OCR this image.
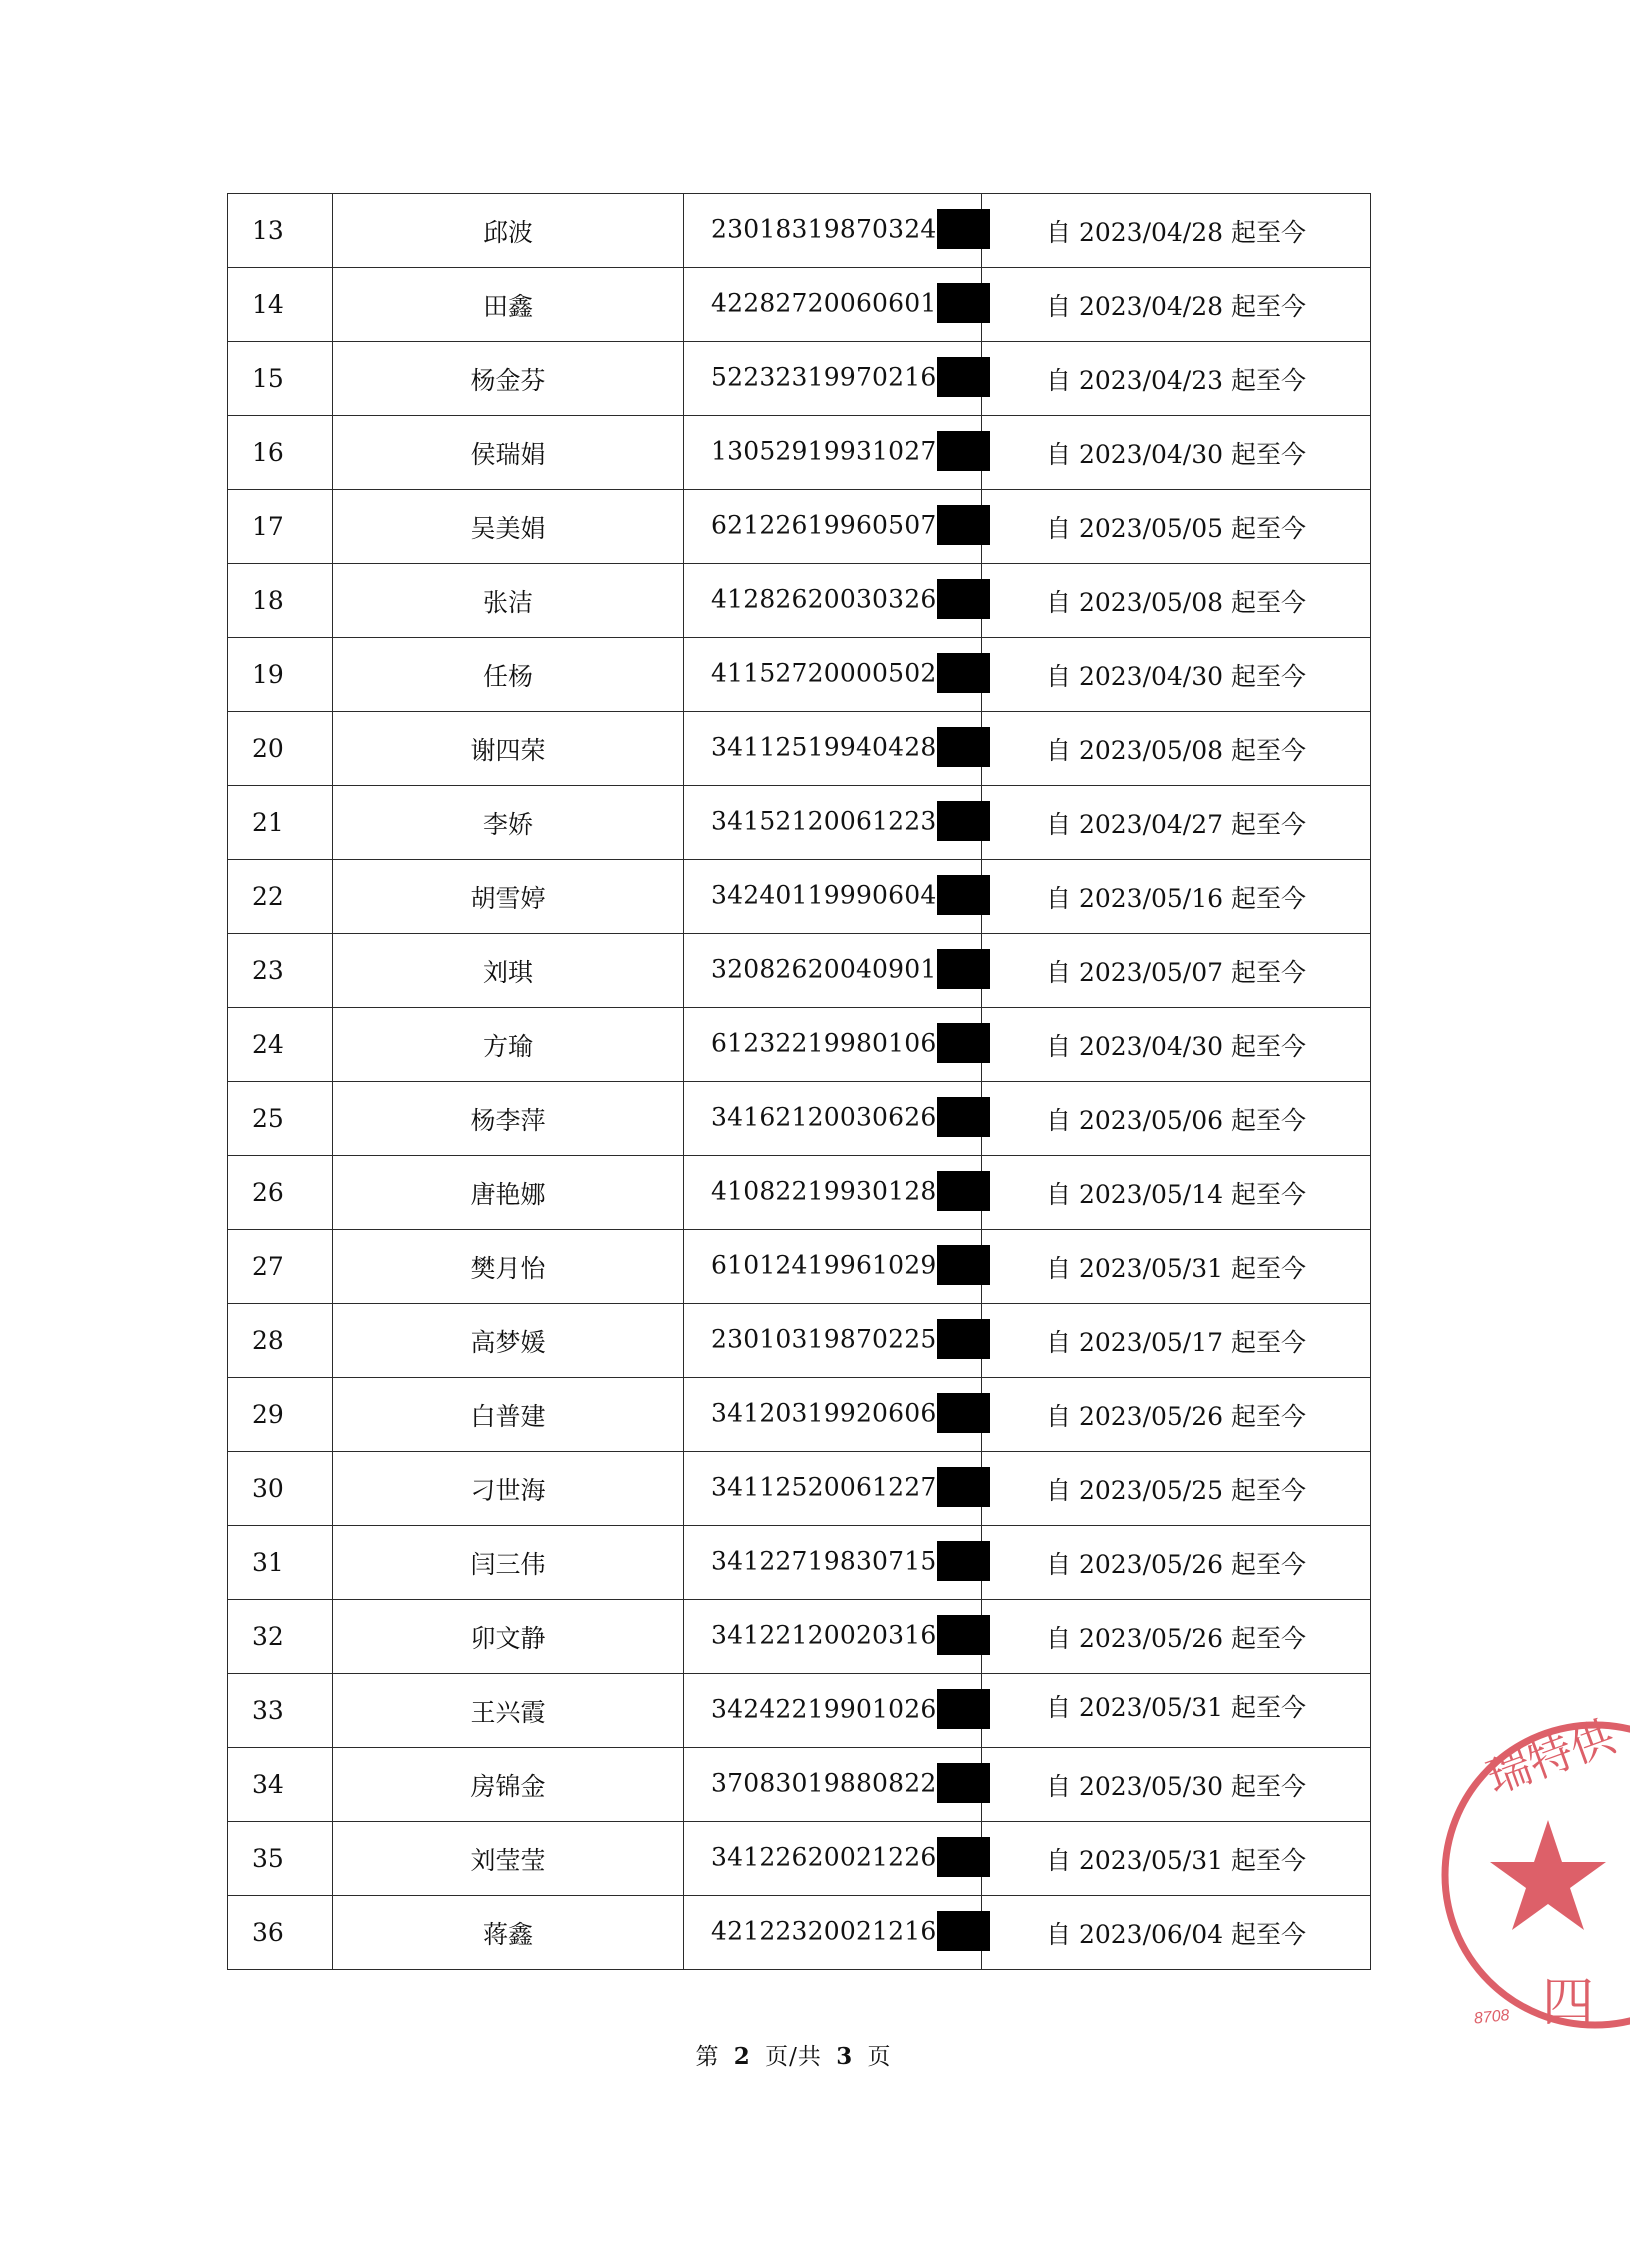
13	邱波	23018319870324	自 2023/04/28 起至今
14	田鑫	42282720060601	自 2023/04/28 起至今
15	杨金芬	52232319970216	自 2023/04/23 起至今
16	侯瑞娟	13052919931027	自 2023/04/30 起至今
17	吴美娟	62122619960507	自 2023/05/05 起至今
18	张洁	41282620030326	自 2023/05/08 起至今
19	任杨	41152720000502	自 2023/04/30 起至今
20	谢四荣	34112519940428	自 2023/05/08 起至今
21	李娇	34152120061223	自 2023/04/27 起至今
22	胡雪婷	34240119990604	自 2023/05/16 起至今
23	刘琪	32082620040901	自 2023/05/07 起至今
24	方瑜	61232219980106	自 2023/04/30 起至今
25	杨李萍	34162120030626	自 2023/05/06 起至今
26	唐艳娜	41082219930128	自 2023/05/14 起至今
27	樊月怡	61012419961029	自 2023/05/31 起至今
28	高梦媛	23010319870225	自 2023/05/17 起至今
29	白普建	34120319920606	自 2023/05/26 起至今
30	刁世海	34112520061227	自 2023/05/25 起至今
31	闫三伟	34122719830715	自 2023/05/26 起至今
32	卯文静	34122120020316	自 2023/05/26 起至今
33	王兴霞	34242219901026	自 2023/05/31 起至今
34	房锦金	37083019880822	自 2023/05/30 起至今
35	刘莹莹	34122620021226	自 2023/05/31 起至今
36	蒋鑫	42122320021216	自 2023/06/04 起至今
第 2 页/共 3 页
瑞特供
四
8708
